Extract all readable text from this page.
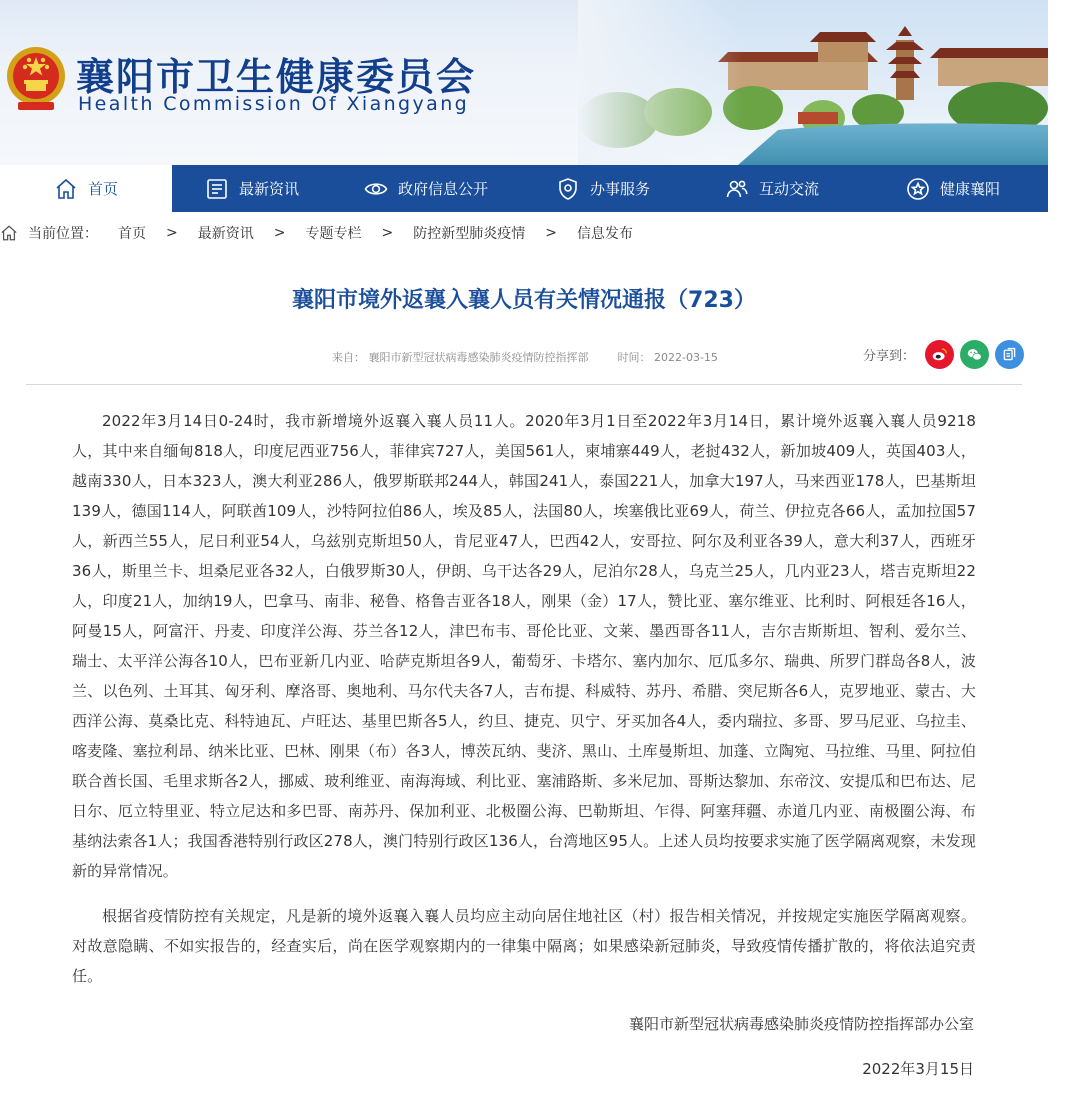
襄阳市卫生健康委员会
Health Commission Of Xiangyang
首页	最新资讯	政府信息公开	办事服务	互动交流	健康襄阳
当前位置： 首页 > 最新资讯 > 专题专栏 > 防控新型肺炎疫情 > 信息发布
襄阳市境外返襄入襄人员有关情况通报（723）
来自： 襄阳市新型冠状病毒感染肺炎疫情防控指挥部	时间： 2022-03-15	分享到：

2022年3月14日0-24时，我市新增境外返襄入襄人员11人。2020年3月1日至2022年3月14日，累计境外返襄入襄人员9218人，其中来自缅甸818人，印度尼西亚756人，菲律宾727人，美国561人，柬埔寨449人，老挝432人，新加坡409人，英国403人，越南330人，日本323人，澳大利亚286人，俄罗斯联邦244人，韩国241人，泰国221人，加拿大197人，马来西亚178人，巴基斯坦139人，德国114人，阿联酋109人，沙特阿拉伯86人，埃及85人，法国80人，埃塞俄比亚69人，荷兰、伊拉克各66人，孟加拉国57人，新西兰55人，尼日利亚54人，乌兹别克斯坦50人，肯尼亚47人，巴西42人，安哥拉、阿尔及利亚各39人，意大利37人，西班牙36人，斯里兰卡、坦桑尼亚各32人，白俄罗斯30人，伊朗、乌干达各29人，尼泊尔28人，乌克兰25人，几内亚23人，塔吉克斯坦22人，印度21人，加纳19人，巴拿马、南非、秘鲁、格鲁吉亚各18人，刚果（金）17人，赞比亚、塞尔维亚、比利时、阿根廷各16人，阿曼15人，阿富汗、丹麦、印度洋公海、芬兰各12人，津巴布韦、哥伦比亚、文莱、墨西哥各11人，吉尔吉斯斯坦、智利、爱尔兰、瑞士、太平洋公海各10人，巴布亚新几内亚、哈萨克斯坦各9人，葡萄牙、卡塔尔、塞内加尔、厄瓜多尔、瑞典、所罗门群岛各8人，波兰、以色列、土耳其、匈牙利、摩洛哥、奥地利、马尔代夫各7人，吉布提、科威特、苏丹、希腊、突尼斯各6人，克罗地亚、蒙古、大西洋公海、莫桑比克、科特迪瓦、卢旺达、基里巴斯各5人，约旦、捷克、贝宁、牙买加各4人，委内瑞拉、多哥、罗马尼亚、乌拉圭、喀麦隆、塞拉利昂、纳米比亚、巴林、刚果（布）各3人，博茨瓦纳、斐济、黑山、土库曼斯坦、加蓬、立陶宛、马拉维、马里、阿拉伯联合酋长国、毛里求斯各2人，挪威、玻利维亚、南海海域、利比亚、塞浦路斯、多米尼加、哥斯达黎加、东帝汶、安提瓜和巴布达、尼日尔、厄立特里亚、特立尼达和多巴哥、南苏丹、保加利亚、北极圈公海、巴勒斯坦、乍得、阿塞拜疆、赤道几内亚、南极圈公海、布基纳法索各1人；我国香港特别行政区278人，澳门特别行政区136人，台湾地区95人。上述人员均按要求实施了医学隔离观察，未发现新的异常情况。

根据省疫情防控有关规定，凡是新的境外返襄入襄人员均应主动向居住地社区（村）报告相关情况，并按规定实施医学隔离观察。对故意隐瞒、不如实报告的，经查实后，尚在医学观察期内的一律集中隔离；如果感染新冠肺炎，导致疫情传播扩散的，将依法追究责任。

襄阳市新型冠状病毒感染肺炎疫情防控指挥部办公室
2022年3月15日
